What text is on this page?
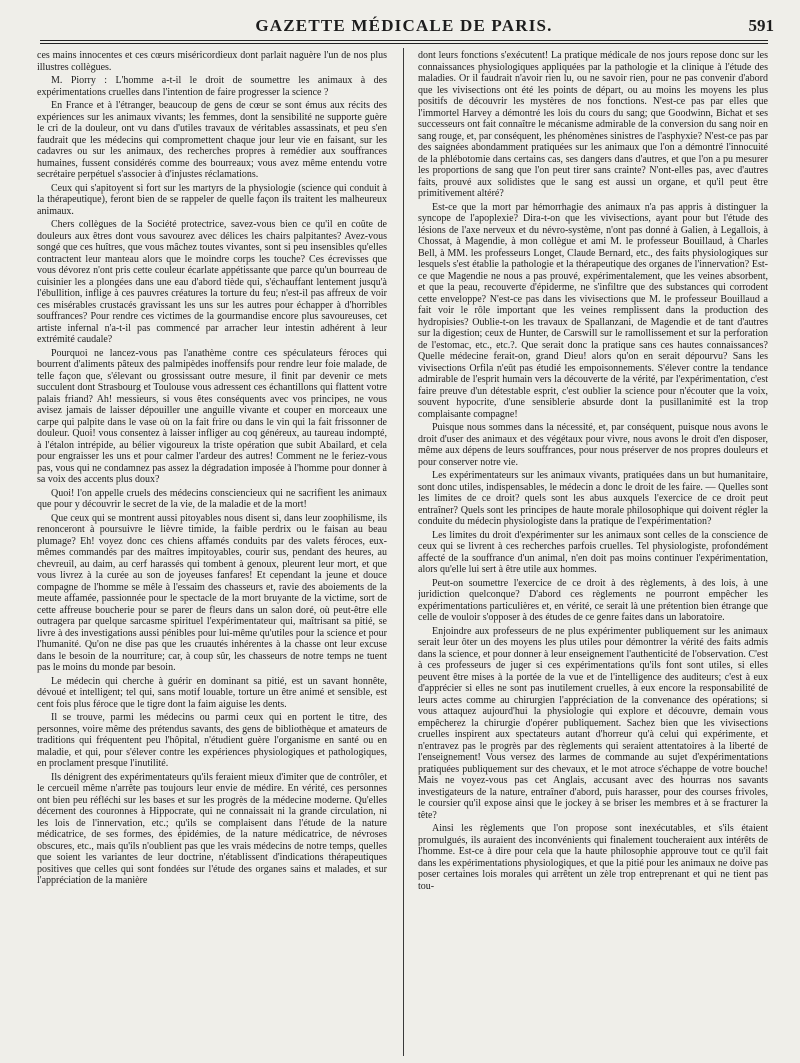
GAZETTE MÉDICALE DE PARIS.	591

ces mains innocentes et ces cœurs miséricordieux dont parlait naguère l'un de nos plus illustres collègues.

M. Piorry : L'homme a-t-il le droit de soumettre les animaux à des expérimentations cruelles dans l'intention de faire progresser la science ?

En France et à l'étranger, beaucoup de gens de cœur se sont émus aux récits des expériences sur les animaux vivants; les femmes, dont la sensibilité ne supporte guère le cri de la douleur, ont vu dans d'utiles travaux de véritables assassinats, et peu s'en faudrait que les médecins qui compromettent chaque jour leur vie en faisant, sur les cadavres ou sur les animaux, des recherches propres à remédier aux souffrances humaines, fussent considérés comme des bourreaux; vous avez même entendu votre secrétaire perpétuel s'associer à d'injustes réclamations.

Ceux qui s'apitoyent si fort sur les martyrs de la physiologie (science qui conduit à la thérapeutique), feront bien de se rappeler de quelle façon ils traitent les malheureux animaux.

Chers collègues de la Société protectrice, savez-vous bien ce qu'il en coûte de douleurs aux êtres dont vous savourez avec délices les chairs palpitantes? Avez-vous songé que ces huîtres, que vous mâchez toutes vivantes, sont si peu insensibles qu'elles contractent leur manteau alors que le moindre corps les touche? Ces écrevisses que vous dévorez n'ont pris cette couleur écarlate appétissante que parce qu'un bourreau de cuisinier les a plongées dans une eau d'abord tiède qui, s'échauffant lentement jusqu'à l'ébullition, inflige à ces pauvres créatures la torture du feu; n'est-il pas affreux de voir ces misérables crustacés gravissant les uns sur les autres pour échapper à d'horribles souffrances? Pour rendre ces victimes de la gourmandise encore plus savoureuses, cet artiste infernal n'a-t-il pas commencé par arracher leur intestin adhérent à leur extrémité caudale?

Pourquoi ne lancez-vous pas l'anathème contre ces spéculateurs féroces qui bourrent d'aliments pâteux des palmipèdes inoffensifs pour rendre leur foie malade, de telle façon que, s'élevant ou grossissant outre mesure, il finit par devenir ce mets succulent dont Strasbourg et Toulouse vous adressent ces échantillons qui flattent votre palais friand? Ah! messieurs, si vous êtes conséquents avec vos principes, ne vous avisez jamais de laisser dépouiller une anguille vivante et couper en morceaux une carpe qui palpite dans le vase où on la fait frire ou dans le vin qui la fait frissonner de douleur. Quoi! vous consentez à laisser infliger au coq généreux, au taureau indompté, à l'étalon intrépide, au bélier vigoureux la triste opération que subit Abailard, et cela pour engraisser les uns et pour calmer l'ardeur des autres! Comment ne le feriez-vous pas, vous qui ne condamnez pas assez la dégradation imposée à l'homme pour donner à sa voix des accents plus doux?

Quoi! l'on appelle cruels des médecins consciencieux qui ne sacrifient les animaux que pour y découvrir le secret de la vie, de la maladie et de la mort!

Que ceux qui se montrent aussi pitoyables nous disent si, dans leur zoophilisme, ils renonceront à poursuivre le lièvre timide, la faible perdrix ou le faisan au beau plumage? Eh! voyez donc ces chiens affamés conduits par des valets féroces, eux-mêmes commandés par des maîtres impitoyables, courir sus, pendant des heures, au chevreuil, au daim, au cerf harassés qui tombent à genoux, pleurent leur mort, et que vous livrez à la curée au son de joyeuses fanfares! Et cependant la jeune et douce compagne de l'homme se mêle à l'essaim des chasseurs et, ravie des aboiements de la meute affamée, passionnée pour le spectacle de la mort bruyante de la victime, sort de cette affreuse boucherie pour se parer de fleurs dans un salon doré, où peut-être elle outragera par quelque sarcasme spirituel l'expérimentateur qui, maîtrisant sa pitié, se livre à des investigations aussi pénibles pour lui-même qu'utiles pour la science et pour l'humanité. Qu'on ne dise pas que les cruautés inhérentes à la chasse ont leur excuse dans le besoin de la nourriture; car, à coup sûr, les chasseurs de notre temps ne tuent pas le moins du monde par besoin.

Le médecin qui cherche à guérir en dominant sa pitié, est un savant honnête, dévoué et intelligent; tel qui, sans motif louable, torture un être animé et sensible, est cent fois plus féroce que le tigre dont la faim aiguise les dents.

Il se trouve, parmi les médecins ou parmi ceux qui en portent le titre, des personnes, voire même des prétendus savants, des gens de bibliothèque et amateurs de traditions qui fréquentent peu l'hôpital, n'étudient guère l'organisme en santé ou en maladie, et qui, pour s'élever contre les expériences physiologiques et pathologiques, en proclament presque l'inutilité.

Ils dénigrent des expérimentateurs qu'ils feraient mieux d'imiter que de contrôler, et le cercueil même n'arrête pas toujours leur envie de médire. En vérité, ces personnes ont bien peu réfléchi sur les bases et sur les progrès de la médecine moderne. Qu'elles décernent des couronnes à Hippocrate, qui ne connaissait ni la grande circulation, ni les lois de l'innervation, etc.; qu'ils se complaisent dans l'étude de la nature médicatrice, de ses formes, des épidémies, de la nature médicatrice, de névroses obscures, etc., mais qu'ils n'oublient pas que les vrais médecins de notre temps, quelles que soient les variantes de leur doctrine, n'établissent d'indications thérapeutiques positives que celles qui sont fondées sur l'étude des organes sains et malades, et sur l'appréciation de la manière

dont leurs fonctions s'exécutent! La pratique médicale de nos jours repose donc sur les connaissances physiologiques appliquées par la pathologie et la clinique à l'étude des maladies. Or il faudrait n'avoir rien lu, ou ne savoir rien, pour ne pas convenir d'abord que les vivisections ont été les points de départ, ou au moins les moyens les plus positifs de découvrir les mystères de nos fonctions. N'est-ce pas par elles que l'immortel Harvey a démontré les lois du cours du sang; que Goodwinn, Bichat et ses successeurs ont fait connaître le mécanisme admirable de la conversion du sang noir en sang rouge, et, par conséquent, les phénomènes sinistres de l'asphyxie? N'est-ce pas par des saignées abondamment pratiquées sur les animaux que l'on a démontré l'innocuité de la phlébotomie dans certains cas, ses dangers dans d'autres, et que l'on a pu mesurer les proportions de sang que l'on peut tirer sans crainte? N'ont-elles pas, avec d'autres faits, prouvé aux solidistes que le sang est aussi un organe, et qu'il peut être primitivement altéré?

Est-ce que la mort par hémorrhagie des animaux n'a pas appris à distinguer la syncope de l'apoplexie? Dira-t-on que les vivisections, ayant pour but l'étude des lésions de l'axe nerveux et du névro-système, n'ont pas donné à Galien, à Legallois, à Chossat, à Magendie, à mon collègue et ami M. le professeur Bouillaud, à Charles Bell, à MM. les professeurs Longet, Claude Bernard, etc., des faits physiologiques sur lesquels s'est établie la pathologie et la thérapeutique des organes de l'innervation? Est-ce que Magendie ne nous a pas prouvé, expérimentalement, que les veines absorbent, et que la peau, recouverte d'épiderme, ne s'infiltre que des substances qui corrodent cette enveloppe? N'est-ce pas dans les vivisections que M. le professeur Bouillaud a fait voir le rôle important que les veines remplissent dans la production des hydropisies? Oublie-t-on les travaux de Spallanzani, de Magendie et de tant d'autres sur la digestion; ceux de Hunter, de Carswill sur le ramollissement et sur la perforation de l'estomac, etc., etc.?. Que serait donc la pratique sans ces hautes connaissances? Quelle médecine ferait-on, grand Dieu! alors qu'on en serait dépourvu? Sans les vivisections Orfila n'eût pas étudié les empoisonnements. S'élever contre la tendance admirable de l'esprit humain vers la découverte de la vérité, par l'expérimentation, c'est faire preuve d'un détestable esprit, c'est oublier la science pour n'écouter que la voix, souvent hypocrite, d'une sensiblerie absurde dont la pusillanimité est la trop complaisante compagne!

Puisque nous sommes dans la nécessité, et, par conséquent, puisque nous avons le droit d'user des animaux et des végétaux pour vivre, nous avons le droit d'en disposer, même aux dépens de leurs souffrances, pour nous préserver de nos propres douleurs et pour conserver notre vie.

Les expérimentateurs sur les animaux vivants, pratiquées dans un but humanitaire, sont donc utiles, indispensables, le médecin a donc le droit de les faire. — Quelles sont les limites de ce droit? quels sont les abus auxquels l'exercice de ce droit peut entraîner? Quels sont les principes de haute morale philosophique qui doivent régler la conduite du médecin physiologiste dans la pratique de l'expérimentation?

Les limites du droit d'expérimenter sur les animaux sont celles de la conscience de ceux qui se livrent à ces recherches parfois cruelles. Tel physiologiste, profondément affecté de la souffrance d'un animal, n'en doit pas moins continuer l'expérimentation, alors qu'elle lui sert à être utile aux hommes.

Peut-on soumettre l'exercice de ce droit à des règlements, à des lois, à une juridiction quelconque? D'abord ces règlements ne pourront empêcher les expérimentations particulières et, en vérité, ce serait là une prétention bien étrange que celle de vouloir s'opposer à des études de ce genre faites dans un laboratoire.

Enjoindre aux professeurs de ne plus expérimenter publiquement sur les animaux serait leur ôter un des moyens les plus utiles pour démontrer la vérité des faits admis dans la science, et pour donner à leur enseignement l'authenticité de l'observation. C'est à ces professeurs de juger si ces expérimentations qu'ils font sont utiles, si elles peuvent être mises à la portée de la vue et de l'intelligence des auditeurs; c'est à eux d'apprécier si elles ne sont pas inutilement cruelles, à eux encore la responsabilité de leurs actes comme au chirurgien l'appréciation de la convenance des opérations; si vous attaquez aujourd'hui la physiologie qui explore et découvre, demain vous empêcherez la chirurgie d'opérer publiquement. Sachez bien que les vivisections cruelles inspirent aux spectateurs autant d'horreur qu'à celui qui expérimente, et n'entravez pas le progrès par des règlements qui seraient attentatoires à la liberté de l'enseignement! Vous versez des larmes de commande au sujet d'expérimentations pratiquées publiquement sur des chevaux, et le mot atroce s'échappe de votre bouche! Mais ne voyez-vous pas cet Anglais, accusant avec des hourras nos savants investigateurs de la nature, entraîner d'abord, puis harasser, pour des courses frivoles, le coursier qu'il expose ainsi que le jockey à se briser les membres et à se fracturer la tête?

Ainsi les règlements que l'on propose sont inexécutables, et s'ils étaient promulgués, ils auraient des inconvénients qui finalement toucheraient aux intérêts de l'homme. Est-ce à dire pour cela que la haute philosophie approuve tout ce qu'il fait dans les expérimentations physiologiques, et que la pitié pour les animaux ne doive pas poser certaines lois morales qui arrêtent un zèle trop entreprenant et qui ne tient pas tou-
